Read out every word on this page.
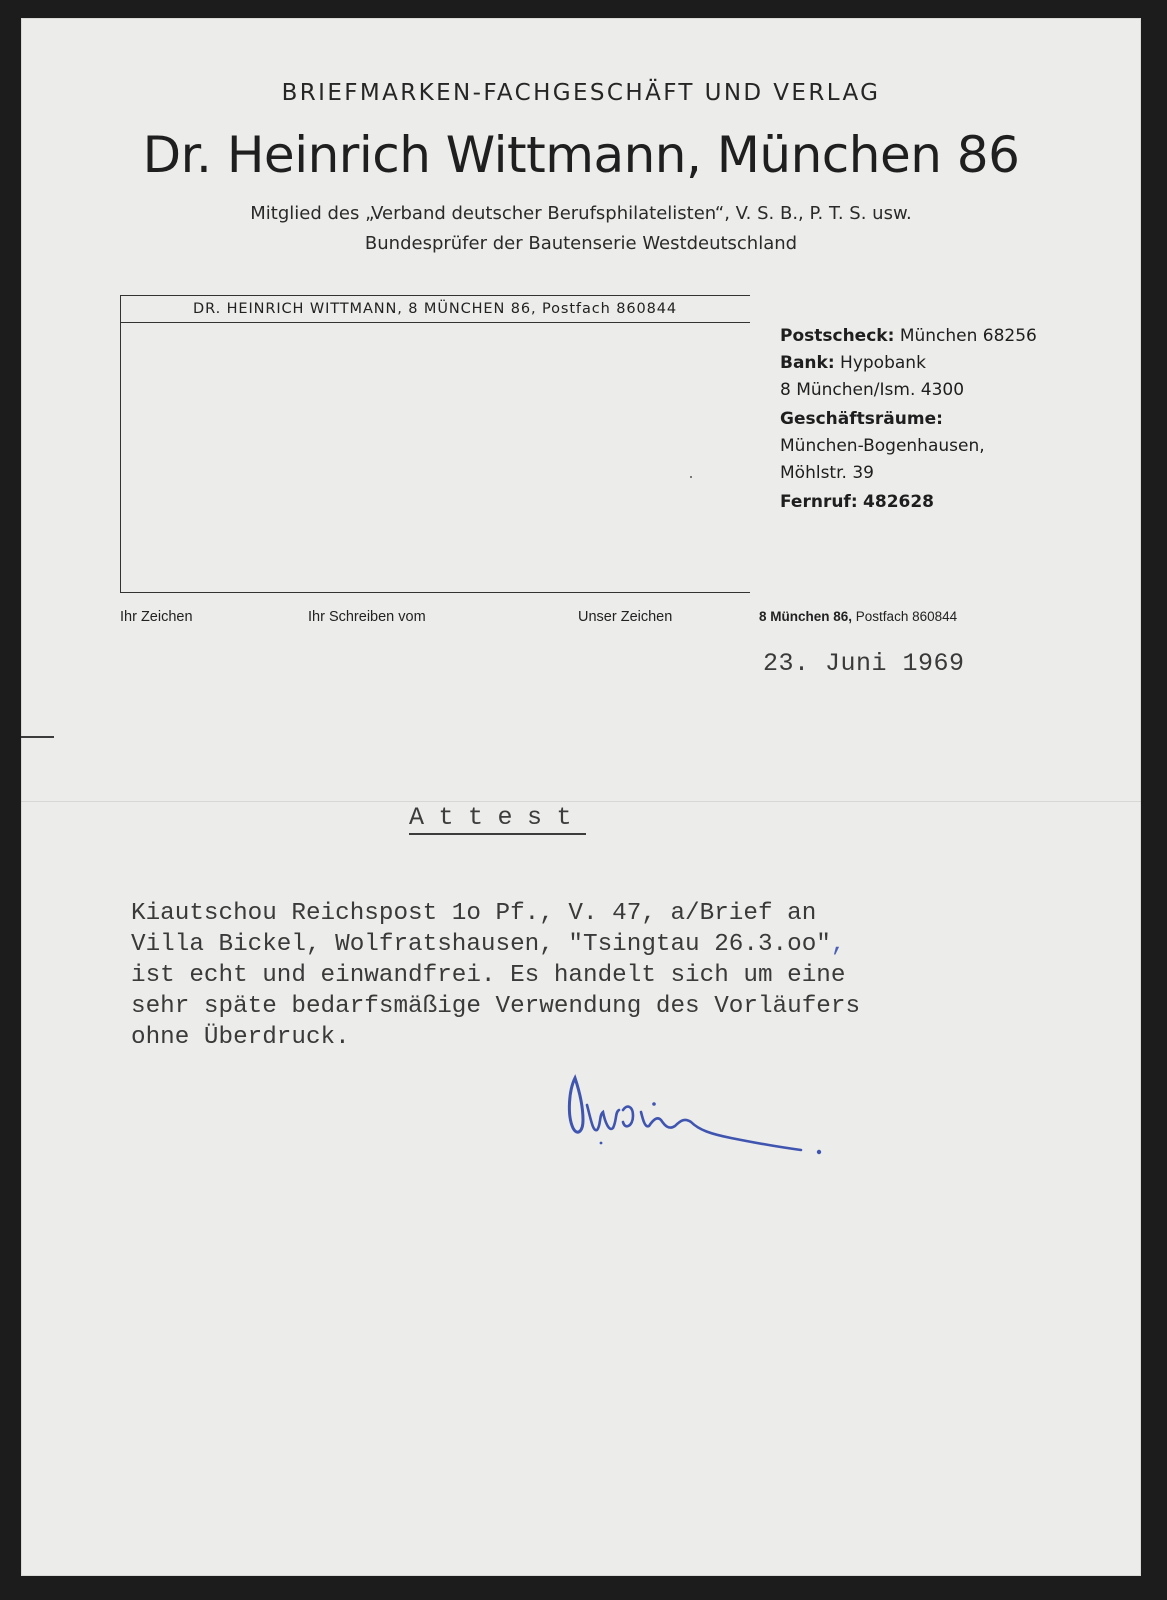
BRIEFMARKEN-FACHGESCHÄFT UND VERLAG
Dr. Heinrich Wittmann, München 86
Mitglied des „Verband deutscher Berufsphilatelisten“, V. S. B., P. T. S. usw.
Bundesprüfer der Bautenserie Westdeutschland
DR. HEINRICH WITTMANN, 8 MÜNCHEN 86, Postfach 860844
Postscheck: München 68256
Bank: Hypobank
8 München/Ism. 4300
Geschäftsräume:
München-Bogenhausen,
Möhlstr. 39
Fernruf: 482628
Ihr Zeichen	Ihr Schreiben vom	Unser Zeichen	8 München 86, Postfach 860844
23. Juni 1969
Attest
Kiautschou Reichspost 1o Pf., V. 47, a/Brief an
Villa Bickel, Wolfratshausen, "Tsingtau 26.3.oo",
ist echt und einwandfrei. Es handelt sich um eine
sehr späte bedarfsmäßige Verwendung des Vorläufers
ohne Überdruck.
